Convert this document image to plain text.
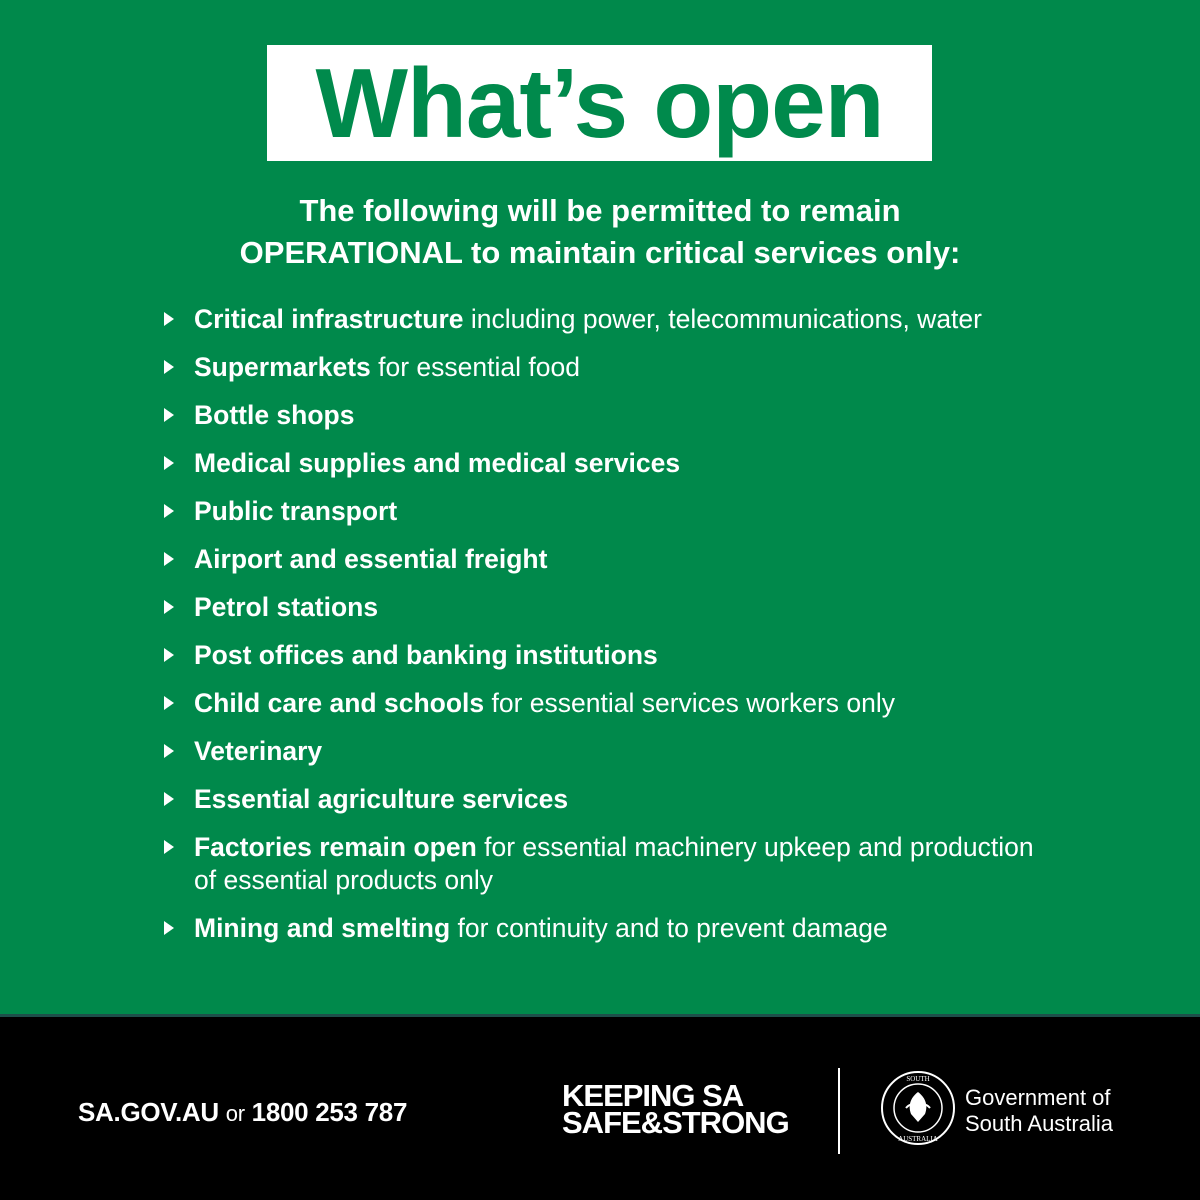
What’s open
The following will be permitted to remain
OPERATIONAL to maintain critical services only:
Critical infrastructure including power, telecommunications, water
Supermarkets for essential food
Bottle shops
Medical supplies and medical services
Public transport
Airport and essential freight
Petrol stations
Post offices and banking institutions
Child care and schools for essential services workers only
Veterinary
Essential agriculture services
Factories remain open for essential machinery upkeep and production of essential products only
Mining and smelting for continuity and to prevent damage
SA.GOV.AU or 1800 253 787	KEEPING SA
SAFE&STRONG
SOUTH
AUSTRALIA
Government of
South Australia
